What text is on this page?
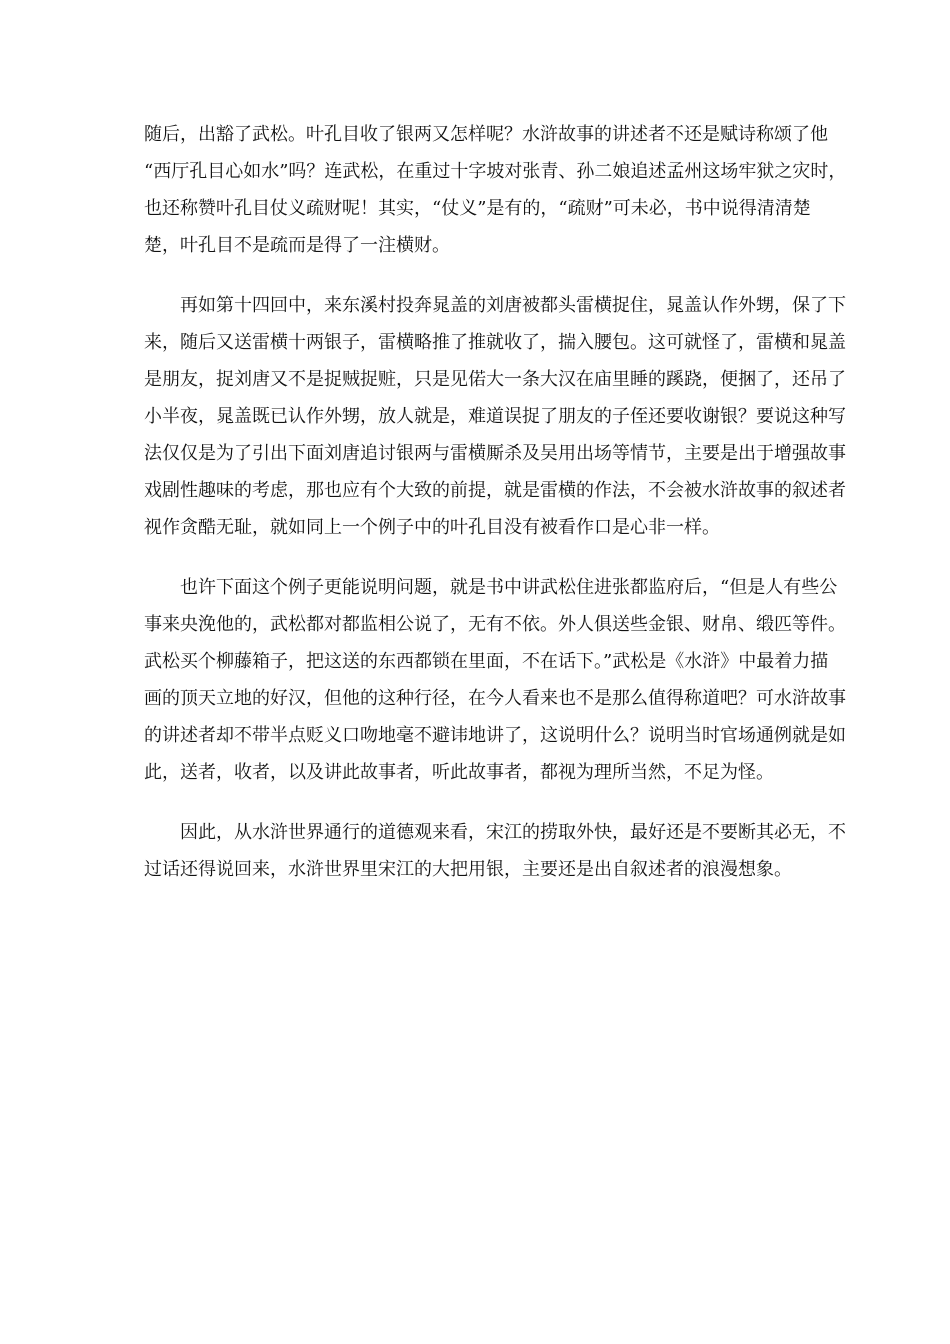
随后，出豁了武松。叶孔目收了银两又怎样呢？水浒故事的讲述者不还是赋诗称颂了他
“西厅孔目心如水”吗？连武松，在重过十字坡对张青、孙二娘追述孟州这场牢狱之灾时，
也还称赞叶孔目仗义疏财呢！其实，“仗义”是有的，“疏财”可未必，书中说得清清楚
楚，叶孔目不是疏而是得了一注横财。
再如第十四回中，来东溪村投奔晁盖的刘唐被都头雷横捉住，晁盖认作外甥，保了下
来，随后又送雷横十两银子，雷横略推了推就收了，揣入腰包。这可就怪了，雷横和晁盖
是朋友，捉刘唐又不是捉贼捉赃，只是见偌大一条大汉在庙里睡的蹊跷，便捆了，还吊了
小半夜，晁盖既已认作外甥，放人就是，难道误捉了朋友的子侄还要收谢银？要说这种写
法仅仅是为了引出下面刘唐追讨银两与雷横厮杀及吴用出场等情节，主要是出于增强故事
戏剧性趣味的考虑，那也应有个大致的前提，就是雷横的作法，不会被水浒故事的叙述者
视作贪酷无耻，就如同上一个例子中的叶孔目没有被看作口是心非一样。
也许下面这个例子更能说明问题，就是书中讲武松住进张都监府后，“但是人有些公
事来央浼他的，武松都对都监相公说了，无有不依。外人俱送些金银、财帛、缎匹等件。
武松买个柳藤箱子，把这送的东西都锁在里面，不在话下。”武松是《水浒》中最着力描
画的顶天立地的好汉，但他的这种行径，在今人看来也不是那么值得称道吧？可水浒故事
的讲述者却不带半点贬义口吻地毫不避讳地讲了，这说明什么？说明当时官场通例就是如
此，送者，收者，以及讲此故事者，听此故事者，都视为理所当然，不足为怪。
因此，从水浒世界通行的道德观来看，宋江的捞取外快，最好还是不要断其必无，不
过话还得说回来，水浒世界里宋江的大把用银，主要还是出自叙述者的浪漫想象。
